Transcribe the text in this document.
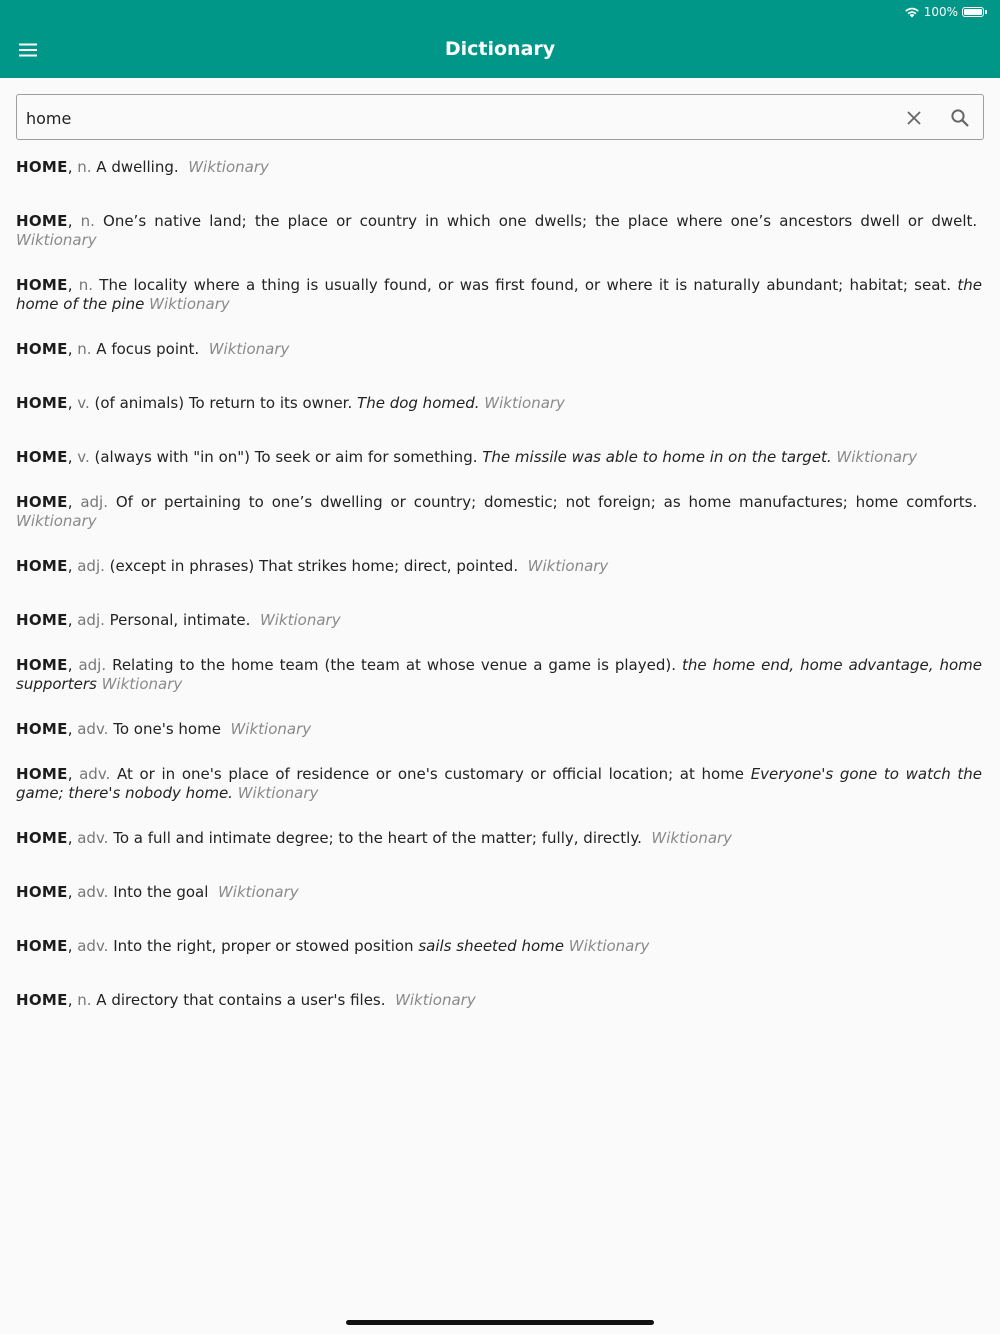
100%
Dictionary
home
HOME, n. A dwelling. Wiktionary
HOME, n. One’s native land; the place or country in which one dwells; the place where one’s ancestors dwell or dwelt.  Wiktionary
HOME, n. The locality where a thing is usually found, or was first found, or where it is naturally abundant; habitat; seat. the home of the pine Wiktionary
HOME, n. A focus point. Wiktionary
HOME, v. (of animals) To return to its owner. The dog homed. Wiktionary
HOME, v. (always with "in on") To seek or aim for something. The missile was able to home in on the target. Wiktionary
HOME, adj. Of or pertaining to one’s dwelling or country; domestic; not foreign; as home manufactures; home comforts.  Wiktionary
HOME, adj. (except in phrases) That strikes home; direct, pointed. Wiktionary
HOME, adj. Personal, intimate. Wiktionary
HOME, adj. Relating to the home team (the team at whose venue a game is played). the home end, home advantage, home supporters Wiktionary
HOME, adv. To one's home Wiktionary
HOME, adv. At or in one's place of residence or one's customary or official location; at home Everyone's gone to watch the game; there's nobody home. Wiktionary
HOME, adv. To a full and intimate degree; to the heart of the matter; fully, directly. Wiktionary
HOME, adv. Into the goal Wiktionary
HOME, adv. Into the right, proper or stowed position sails sheeted home Wiktionary
HOME, n. A directory that contains a user's files. Wiktionary
